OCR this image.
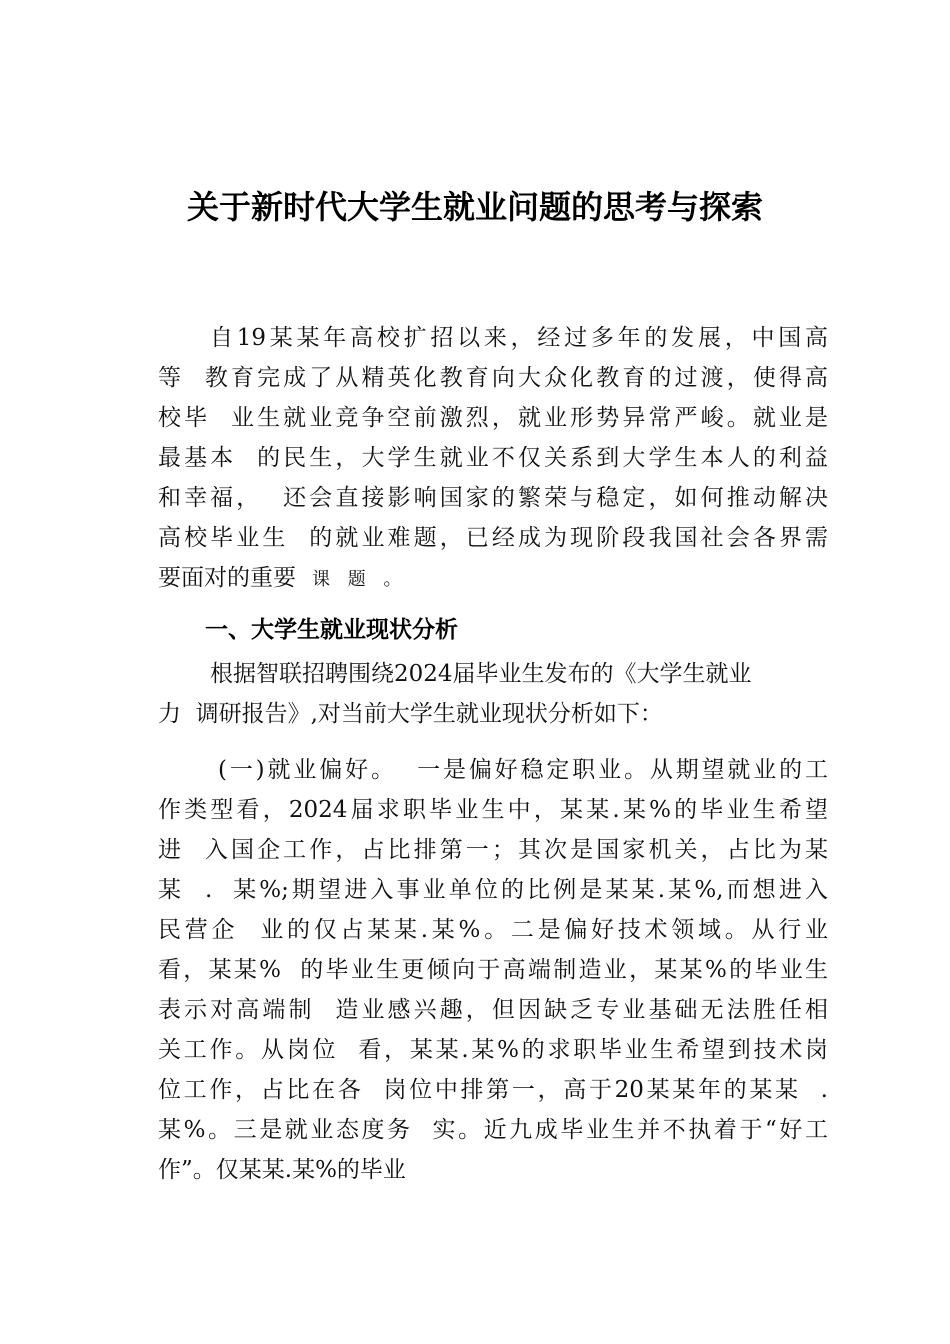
关于新时代大学生就业问题的思考与探索
自19某某年高校扩招以来，经过多年的发展，中国高
等  教育完成了从精英化教育向大众化教育的过渡，使得高
校毕  业生就业竞争空前激烈，就业形势异常严峻。就业是
最基本  的民生，大学生就业不仅关系到大学生本人的利益
和幸福，  还会直接影响国家的繁荣与稳定，如何推动解决
高校毕业生  的就业难题，已经成为现阶段我国社会各界需
要面对的重要 课 题 。
一、大学生就业现状分析
根据智联招聘围绕2024届毕业生发布的《大学生就业
力  调研报告》,对当前大学生就业现状分析如下：
(一)就业偏好。  一是偏好稳定职业。从期望就业的工
作类型看，2024届求职毕业生中，某某.某%的毕业生希望
进  入国企工作，占比排第一；其次是国家机关，占比为某
某  .  某%;期望进入事业单位的比例是某某.某%,而想进入
民营企  业的仅占某某.某%。二是偏好技术领域。从行业
看，某某%  的毕业生更倾向于高端制造业，某某%的毕业生
表示对高端制  造业感兴趣，但因缺乏专业基础无法胜任相
关工作。从岗位  看，某某.某%的求职毕业生希望到技术岗
位工作，占比在各  岗位中排第一，高于20某某年的某某  .
某%。三是就业态度务  实。近九成毕业生并不执着于“好工
作”。仅某某.某%的毕业
